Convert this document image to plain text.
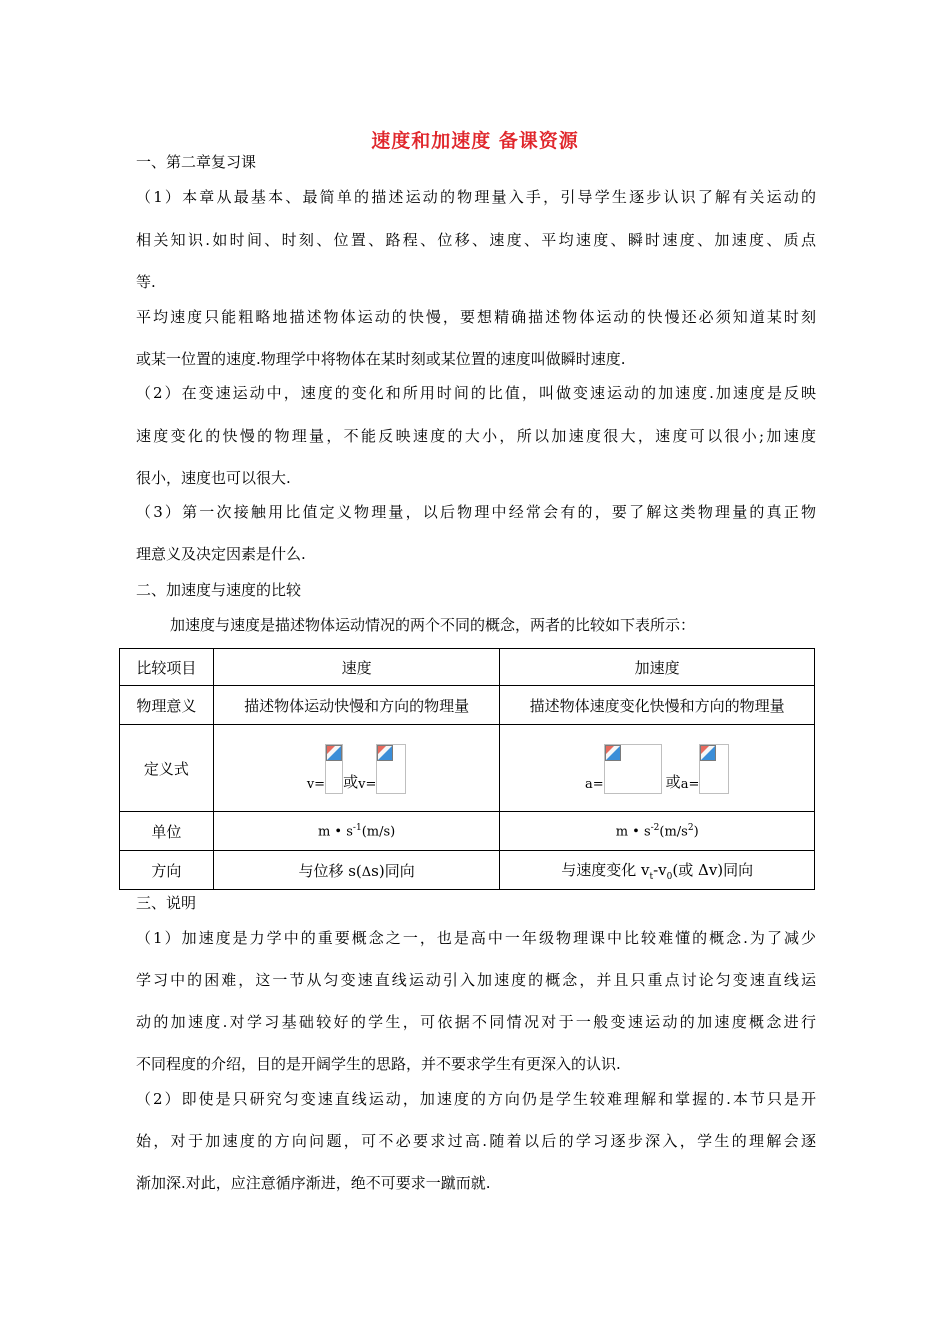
速度和加速度 备课资源
一、第二章复习课
（1）本章从最基本、最简单的描述运动的物理量入手，引导学生逐步认识了解有关运动的
相关知识.如时间、时刻、位置、路程、位移、速度、平均速度、瞬时速度、加速度、质点
等.
平均速度只能粗略地描述物体运动的快慢，要想精确描述物体运动的快慢还必须知道某时刻
或某一位置的速度.物理学中将物体在某时刻或某位置的速度叫做瞬时速度.
（2）在变速运动中，速度的变化和所用时间的比值，叫做变速运动的加速度.加速度是反映
速度变化的快慢的物理量，不能反映速度的大小，所以加速度很大，速度可以很小;加速度
很小，速度也可以很大.
（3）第一次接触用比值定义物理量，以后物理中经常会有的，要了解这类物理量的真正物
理意义及决定因素是什么.
二、加速度与速度的比较
加速度与速度是描述物体运动情况的两个不同的概念，两者的比较如下表所示：
比较项目	速度	加速度
物理意义	描述物体运动快慢和方向的物理量	描述物体速度变化快慢和方向的物理量
定义式	v= 或 v=	a= 或 a=

单位	m • $s^{-1}(m/s)$	m • $s^{-2}(m/s^2)$
方向	与位移 s(Δs)同向	与速度变化 $v_t-v_0$(或 Δv)同向
三、说明
（1）加速度是力学中的重要概念之一，也是高中一年级物理课中比较难懂的概念.为了减少
学习中的困难，这一节从匀变速直线运动引入加速度的概念，并且只重点讨论匀变速直线运
动的加速度.对学习基础较好的学生，可依据不同情况对于一般变速运动的加速度概念进行
不同程度的介绍，目的是开阔学生的思路，并不要求学生有更深入的认识.
（2）即使是只研究匀变速直线运动，加速度的方向仍是学生较难理解和掌握的.本节只是开
始，对于加速度的方向问题，可不必要求过高.随着以后的学习逐步深入，学生的理解会逐
渐加深.对此，应注意循序渐进，绝不可要求一蹴而就.
